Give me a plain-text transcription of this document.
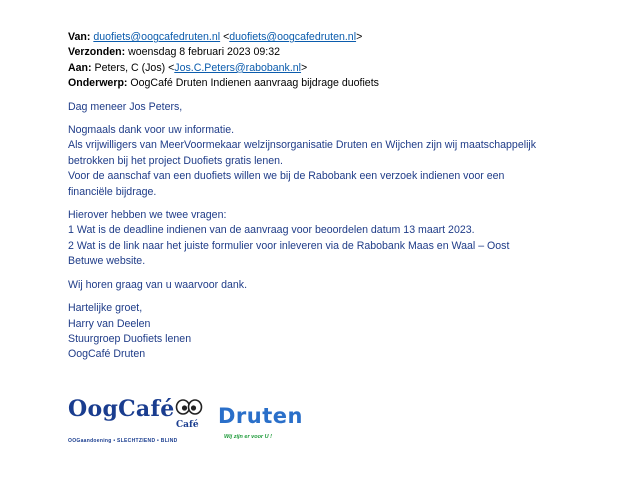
Van: duofiets@oogcafedruten.nl <duofiets@oogcafedruten.nl>
Verzonden: woensdag 8 februari 2023 09:32
Aan: Peters, C (Jos) <Jos.C.Peters@rabobank.nl>
Onderwerp: OogCafé Druten Indienen aanvraag bijdrage duofiets

Dag meneer Jos Peters,

Nogmaals dank voor uw informatie.
Als vrijwilligers van MeerVoormekaar welzijnsorganisatie Druten en Wijchen zijn wij maatschappelijk
betrokken bij het project Duofiets gratis lenen.
Voor de aanschaf van een duofiets willen we bij de Rabobank een verzoek indienen voor een
financiële bijdrage.
Hierover hebben we twee vragen:
1 Wat is de deadline indienen van de aanvraag voor beoordelen datum 13 maart 2023.
2 Wat is de link naar het juiste formulier voor inleveren via de Rabobank Maas en Waal – Oost
Betuwe website.
Wij horen graag van u waarvoor dank.
Hartelijke groet,
Harry van Deelen
Stuurgroep Duofiets lenen
OogCafé Druten
OogCafé
Café Druten
Wij zijn er voor U !
OOGaandoening • SLECHTZIEND • BLIND
